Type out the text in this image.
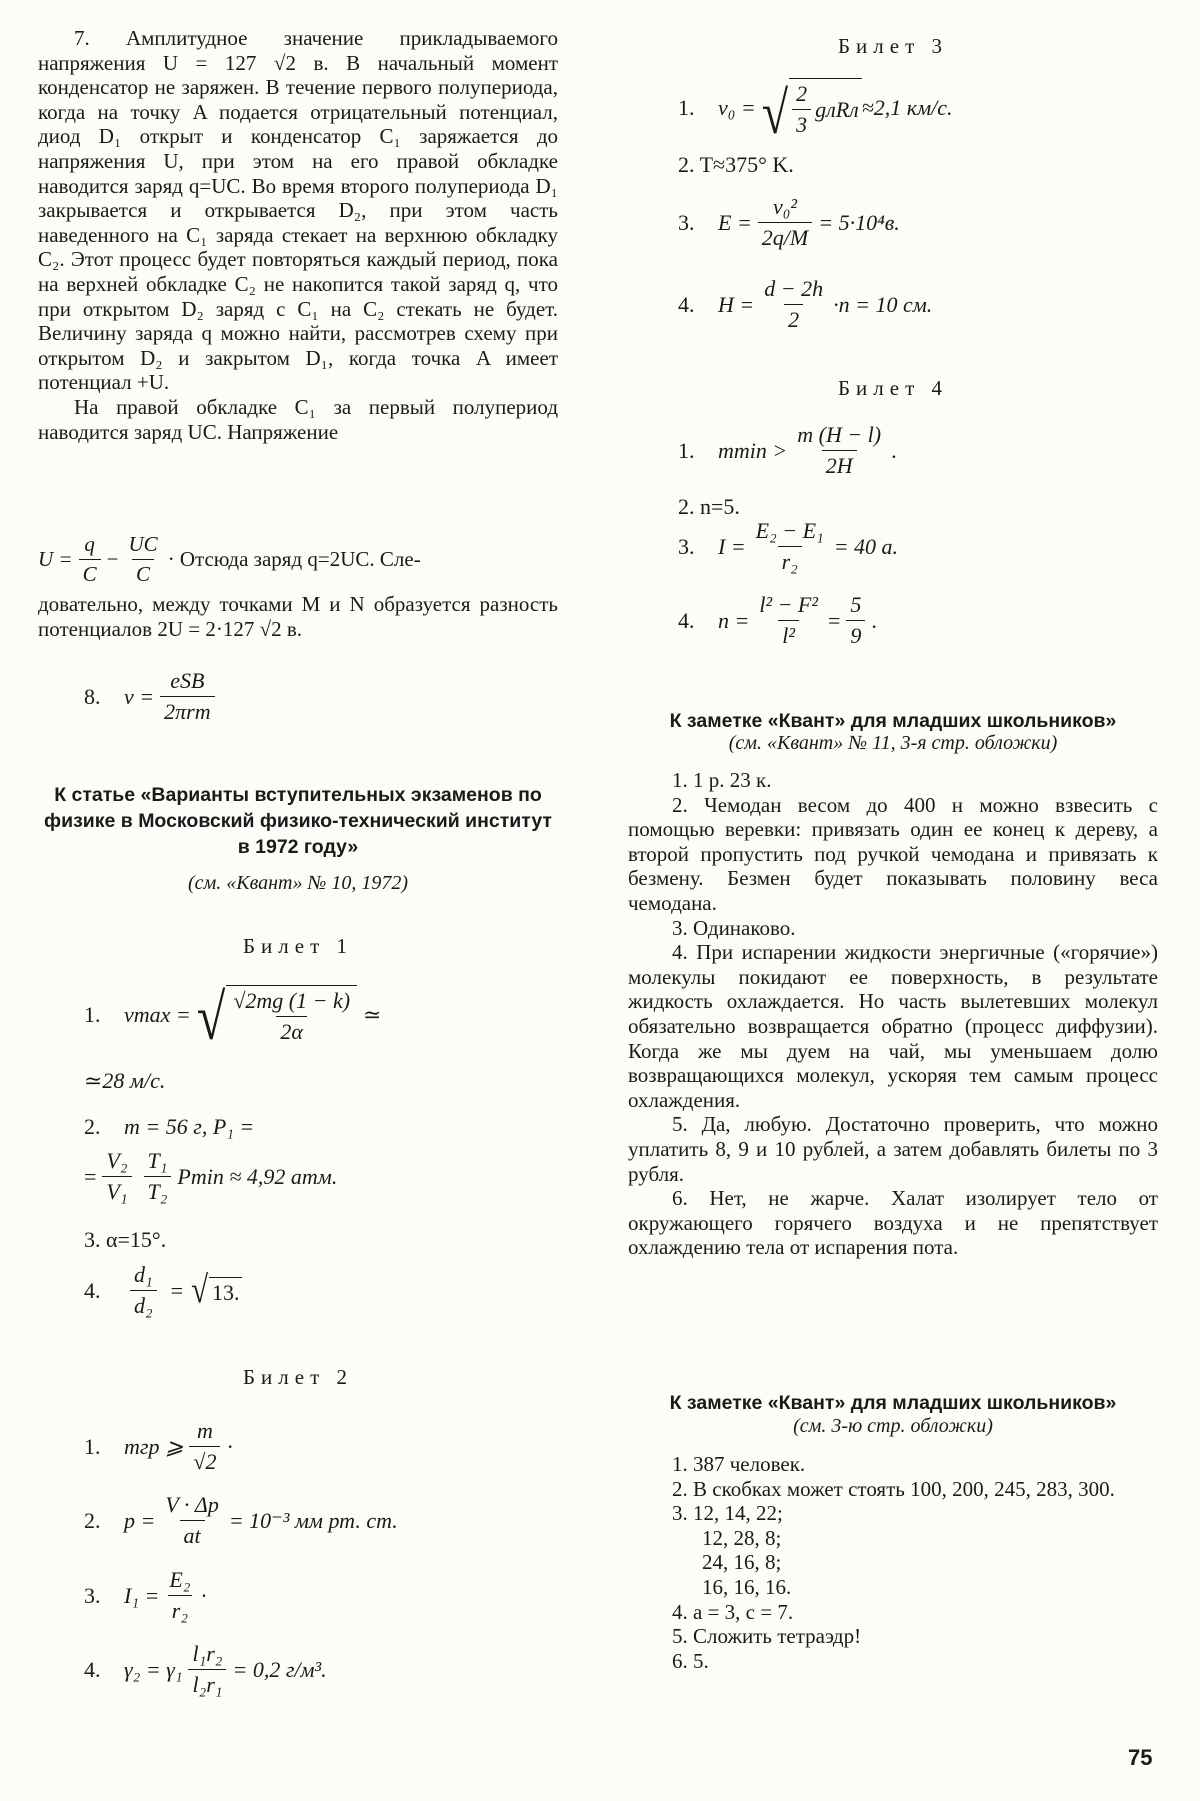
7. Амплитудное значение прикладываемого напряжения U = 127 √2 в. В начальный момент конденсатор не заряжен. В течение первого полупериода, когда на точку A подается отрицательный потенциал, диод D₁ открыт и конденсатор C₁ заряжается до напряжения U, при этом на его правой обкладке наводится заряд q=UC. Во время второго полупериода D₁ закрывается и открывается D₂, при этом часть наведенного на C₁ заряда стекает на верхнюю обкладку C₂. Этот процесс будет повторяться каждый период, пока на верхней обкладке C₂ не накопится такой заряд q, что при открытом D₂ заряд с C₁ на C₂ стекать не будет. Величину заряда q можно найти, рассмотрев схему при открытом D₂ и закрытом D₁, когда точка A имеет потенциал +U.

На правой обкладке C₁ за первый полупериод наводится заряд UC. Напряжение

$U = \frac{q}{C} - \frac{UC}{C}$ · Отсюда заряд q=2UC. Сле-

довательно, между точками M и N образуется разность потенциалов 2U = 2·127 √2 в.

8.	$v = \frac{\text{eSB}}{\text{2πrm}}$
К статье «Варианты вступительных экзаменов по физике в Московский физико-технический институт в 1972 году»
(см. «Квант» № 10, 1972)
Билет 1
1.	vmax = √ $\frac{√2mg (1 - k)}{2\alpha}$ ≃
≃28 м/с.
2.	m = 56 г, P₁ =
= $\frac{\text{V₂}}{\text{V₁}} \frac{\text{T₁}}{\text{T₂}}$ Pmin ≈ 4,92 атм.
3. α=15°.
4.	$\frac{\text{d₁}}{\text{d₂}}$ = √ 13.
Билет 2
1.	mгр ⩾ $\frac{m}{√2}$ ·
2.	$p = \frac{V \cdot \Delta p}{at} = 10^{-3}$ мм рт. ст.
3.	$I_1 = \frac{\text{E₂}}{\text{r₂}}$ ·
4.	$\gamma_2 = \gamma_1 \frac{\text{l₁r₂}}{\text{l₂r₁}} = 0,2$ г/м³.
Билет 3
1.	v₀ = √ $\frac{2}{3}$ gлRл ≈2,1 км/с.
2. T≈375° K.
3.	$E = \frac{\text{v₀²}}{2q/M} = 5\cdot 10^4в$.
4.	$H = \frac{d - 2h}{2} \cdot n = 10$ см.
Билет 4
1.	$mmin > \frac{m (H - l)}{2H}$ .
2. n=5.
3.	$I = \frac{\text{E₂ − E₁}}{\text{r₂}} = 40$ a.
4.	$n = \frac{\text{l² − F²}}{\text{l²}} = \frac{5}{9}$ .
К заметке «Квант» для младших школьников»
(см. «Квант» № 11, 3-я стр. обложки)

1. 1 р. 23 к.

2. Чемодан весом до 400 н можно взвесить с помощью веревки: привязать один ее конец к дереву, а второй пропустить под ручкой чемодана и привязать к безмену. Безмен будет показывать половину веса чемодана.

3. Одинаково.

4. При испарении жидкости энергичные («горячие») молекулы покидают ее поверхность, в результате жидкость охлаждается. Но часть вылетевших молекул обязательно возвращается обратно (процесс диффузии). Когда же мы дуем на чай, мы уменьшаем долю возвращающихся молекул, ускоряя тем самым процесс охлаждения.

5. Да, любую. Достаточно проверить, что можно уплатить 8, 9 и 10 рублей, а затем добавлять билеты по 3 рубля.

6. Нет, не жарче. Халат изолирует тело от окружающего горячего воздуха и не препятствует охлаждению тела от испарения пота.

К заметке «Квант» для младших школьников»
(см. 3-ю стр. обложки)

1. 387 человек.

2. В скобках может стоять 100, 200, 245, 283, 300.

3. 12, 14, 22;

12, 28, 8;

24, 16, 8;

16, 16, 16.

4. a = 3, c = 7.

5. Сложить тетраэдр!

6. 5.

75
